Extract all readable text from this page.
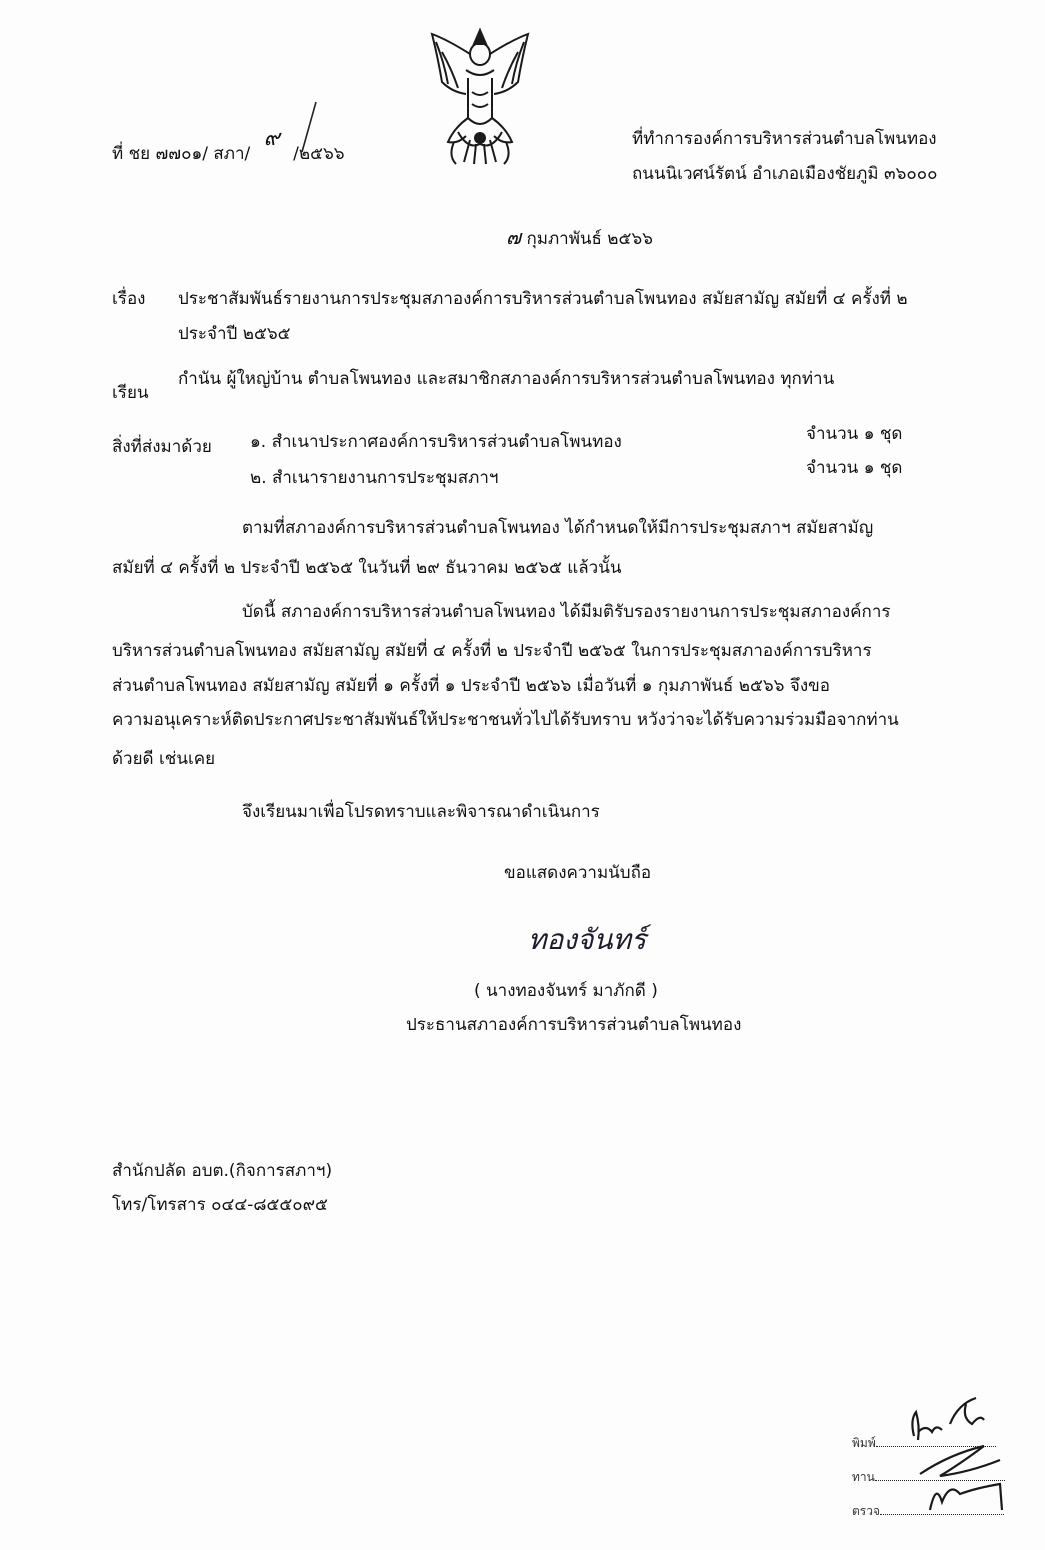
ที่ ชย ๗๗๐๑/ สภา/ ๙ /๒๕๖๖
ที่ทำการองค์การบริหารส่วนตำบลโพนทอง
ถนนนิเวศน์รัตน์ อำเภอเมืองชัยภูมิ ๓๖๐๐๐
๗ กุมภาพันธ์ ๒๕๖๖
เรื่อง ประชาสัมพันธ์รายงานการประชุมสภาองค์การบริหารส่วนตำบลโพนทอง สมัยสามัญ สมัยที่ ๔ ครั้งที่ ๒
ประจำปี ๒๕๖๕
เรียน
กำนัน ผู้ใหญ่บ้าน ตำบลโพนทอง และสมาชิกสภาองค์การบริหารส่วนตำบลโพนทอง ทุกท่าน
สิ่งที่ส่งมาด้วย ๑. สำเนาประกาศองค์การบริหารส่วนตำบลโพนทอง	จำนวน ๑ ชุด
๒. สำเนารายงานการประชุมสภาฯ	จำนวน ๑ ชุด
ตามที่สภาองค์การบริหารส่วนตำบลโพนทอง ได้กำหนดให้มีการประชุมสภาฯ สมัยสามัญ
สมัยที่ ๔ ครั้งที่ ๒ ประจำปี ๒๕๖๕ ในวันที่ ๒๙ ธันวาคม ๒๕๖๕ แล้วนั้น
บัดนี้ สภาองค์การบริหารส่วนตำบลโพนทอง ได้มีมติรับรองรายงานการประชุมสภาองค์การ
บริหารส่วนตำบลโพนทอง สมัยสามัญ สมัยที่ ๔ ครั้งที่ ๒ ประจำปี ๒๕๖๕ ในการประชุมสภาองค์การบริหาร
ส่วนตำบลโพนทอง สมัยสามัญ สมัยที่ ๑ ครั้งที่ ๑ ประจำปี ๒๕๖๖ เมื่อวันที่ ๑ กุมภาพันธ์ ๒๕๖๖ จึงขอ
ความอนุเคราะห์ติดประกาศประชาสัมพันธ์ให้ประชาชนทั่วไปได้รับทราบ หวังว่าจะได้รับความร่วมมือจากท่าน
ด้วยดี เช่นเคย
จึงเรียนมาเพื่อโปรดทราบและพิจารณาดำเนินการ
ขอแสดงความนับถือ
ทองจันทร์
( นางทองจันทร์ มาภักดี )
ประธานสภาองค์การบริหารส่วนตำบลโพนทอง
สำนักปลัด อบต.(กิจการสภาฯ)
โทร/โทรสาร ๐๔๔-๘๕๕๐๙๕
พิมพ์
ทาน
ตรวจ
